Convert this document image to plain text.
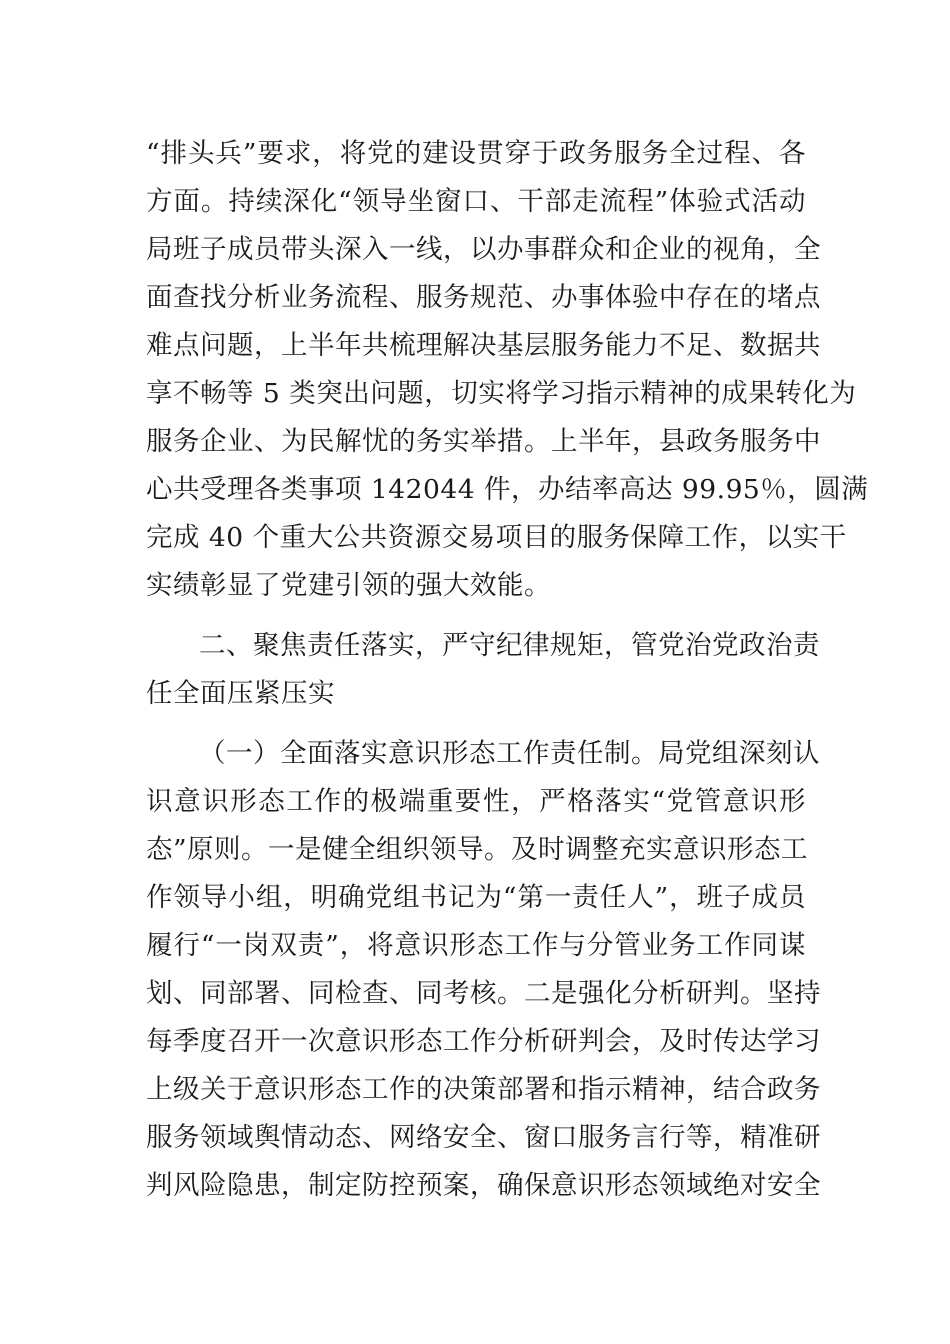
“排头兵”要求，将党的建设贯穿于政务服务全过程、各
方面。持续深化“领导坐窗口、干部走流程”体验式活动
局班子成员带头深入一线，以办事群众和企业的视角，全
面查找分析业务流程、服务规范、办事体验中存在的堵点
难点问题，上半年共梳理解决基层服务能力不足、数据共
享不畅等 5 类突出问题，切实将学习指示精神的成果转化为
服务企业、为民解忧的务实举措。上半年，县政务服务中
心共受理各类事项 142044 件，办结率高达 99.95％，圆满
完成 40 个重大公共资源交易项目的服务保障工作，以实干
实绩彰显了党建引领的强大效能。
二、聚焦责任落实，严守纪律规矩，管党治党政治责
任全面压紧压实
（一）全面落实意识形态工作责任制。局党组深刻认
识意识形态工作的极端重要性，严格落实“党管意识形
态”原则。一是健全组织领导。及时调整充实意识形态工
作领导小组，明确党组书记为“第一责任人”，班子成员
履行“一岗双责”，将意识形态工作与分管业务工作同谋
划、同部署、同检查、同考核。二是强化分析研判。坚持
每季度召开一次意识形态工作分析研判会，及时传达学习
上级关于意识形态工作的决策部署和指示精神，结合政务
服务领域舆情动态、网络安全、窗口服务言行等，精准研
判风险隐患，制定防控预案，确保意识形态领域绝对安全
